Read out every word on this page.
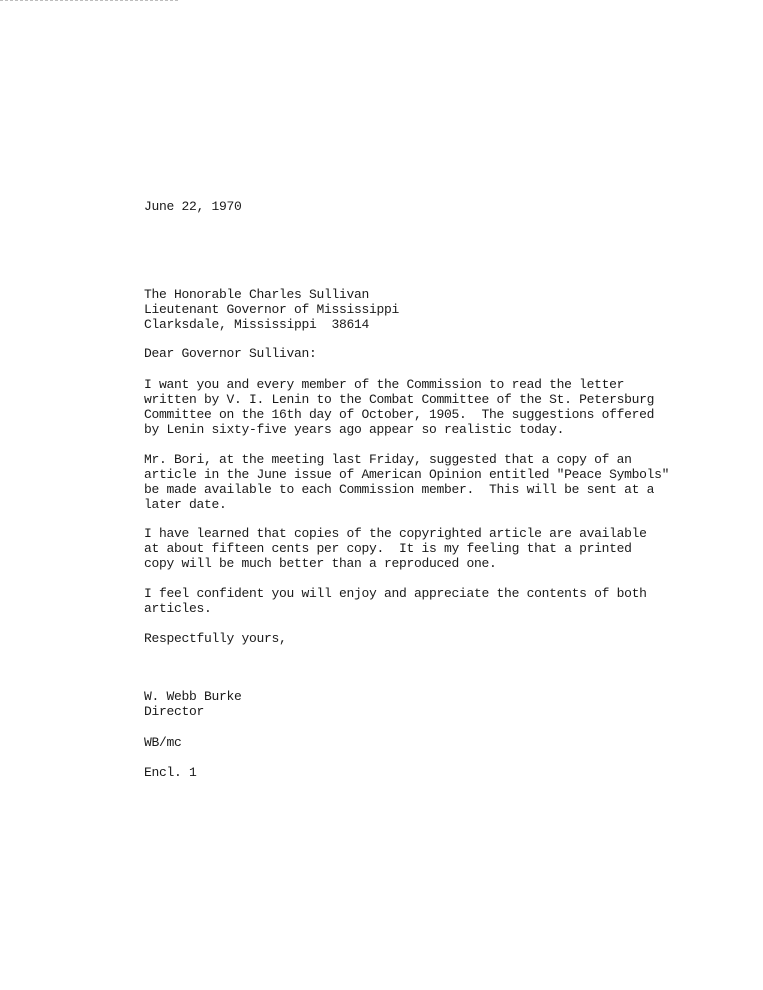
June 22, 1970
The Honorable Charles Sullivan
Lieutenant Governor of Mississippi
Clarksdale, Mississippi  38614
Dear Governor Sullivan:
I want you and every member of the Commission to read the letter
written by V. I. Lenin to the Combat Committee of the St. Petersburg
Committee on the 16th day of October, 1905.  The suggestions offered
by Lenin sixty-five years ago appear so realistic today.
Mr. Bori, at the meeting last Friday, suggested that a copy of an
article in the June issue of American Opinion entitled "Peace Symbols"
be made available to each Commission member.  This will be sent at a
later date.
I have learned that copies of the copyrighted article are available
at about fifteen cents per copy.  It is my feeling that a printed
copy will be much better than a reproduced one.
I feel confident you will enjoy and appreciate the contents of both
articles.
Respectfully yours,
W. Webb Burke
Director
WB/mc
Encl. 1
